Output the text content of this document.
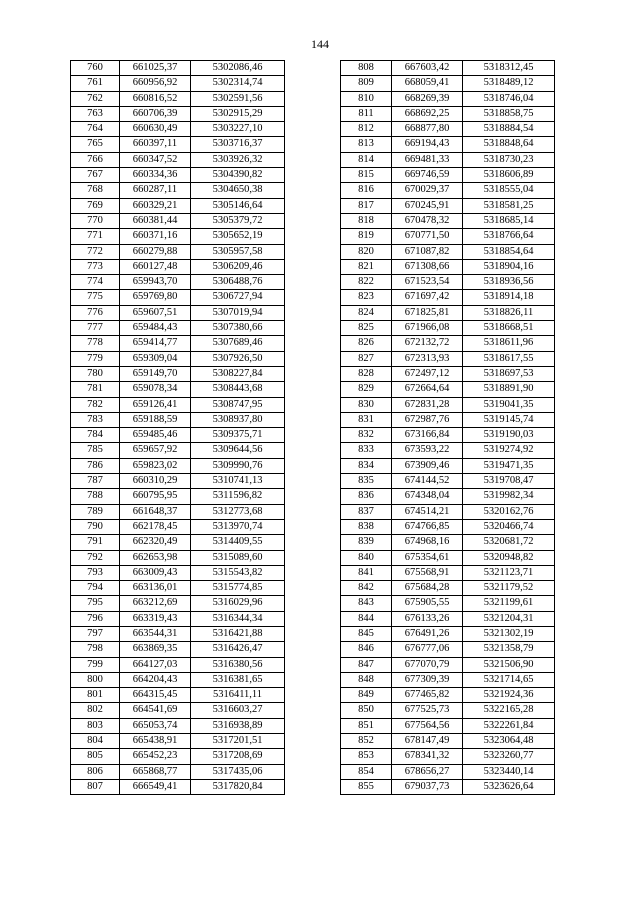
144
760	661025,37	5302086,46
761	660956,92	5302314,74
762	660816,52	5302591,56
763	660706,39	5302915,29
764	660630,49	5303227,10
765	660397,11	5303716,37
766	660347,52	5303926,32
767	660334,36	5304390,82
768	660287,11	5304650,38
769	660329,21	5305146,64
770	660381,44	5305379,72
771	660371,16	5305652,19
772	660279,88	5305957,58
773	660127,48	5306209,46
774	659943,70	5306488,76
775	659769,80	5306727,94
776	659607,51	5307019,94
777	659484,43	5307380,66
778	659414,77	5307689,46
779	659309,04	5307926,50
780	659149,70	5308227,84
781	659078,34	5308443,68
782	659126,41	5308747,95
783	659188,59	5308937,80
784	659485,46	5309375,71
785	659657,92	5309644,56
786	659823,02	5309990,76
787	660310,29	5310741,13
788	660795,95	5311596,82
789	661648,37	5312773,68
790	662178,45	5313970,74
791	662320,49	5314409,55
792	662653,98	5315089,60
793	663009,43	5315543,82
794	663136,01	5315774,85
795	663212,69	5316029,96
796	663319,43	5316344,34
797	663544,31	5316421,88
798	663869,35	5316426,47
799	664127,03	5316380,56
800	664204,43	5316381,65
801	664315,45	5316411,11
802	664541,69	5316603,27
803	665053,74	5316938,89
804	665438,91	5317201,51
805	665452,23	5317208,69
806	665868,77	5317435,06
807	666549,41	5317820,84
808	667603,42	5318312,45
809	668059,41	5318489,12
810	668269,39	5318746,04
811	668692,25	5318858,75
812	668877,80	5318884,54
813	669194,43	5318848,64
814	669481,33	5318730,23
815	669746,59	5318606,89
816	670029,37	5318555,04
817	670245,91	5318581,25
818	670478,32	5318685,14
819	670771,50	5318766,64
820	671087,82	5318854,64
821	671308,66	5318904,16
822	671523,54	5318936,56
823	671697,42	5318914,18
824	671825,81	5318826,11
825	671966,08	5318668,51
826	672132,72	5318611,96
827	672313,93	5318617,55
828	672497,12	5318697,53
829	672664,64	5318891,90
830	672831,28	5319041,35
831	672987,76	5319145,74
832	673166,84	5319190,03
833	673593,22	5319274,92
834	673909,46	5319471,35
835	674144,52	5319708,47
836	674348,04	5319982,34
837	674514,21	5320162,76
838	674766,85	5320466,74
839	674968,16	5320681,72
840	675354,61	5320948,82
841	675568,91	5321123,71
842	675684,28	5321179,52
843	675905,55	5321199,61
844	676133,26	5321204,31
845	676491,26	5321302,19
846	676777,06	5321358,79
847	677070,79	5321506,90
848	677309,39	5321714,65
849	677465,82	5321924,36
850	677525,73	5322165,28
851	677564,56	5322261,84
852	678147,49	5323064,48
853	678341,32	5323260,77
854	678656,27	5323440,14
855	679037,73	5323626,64
